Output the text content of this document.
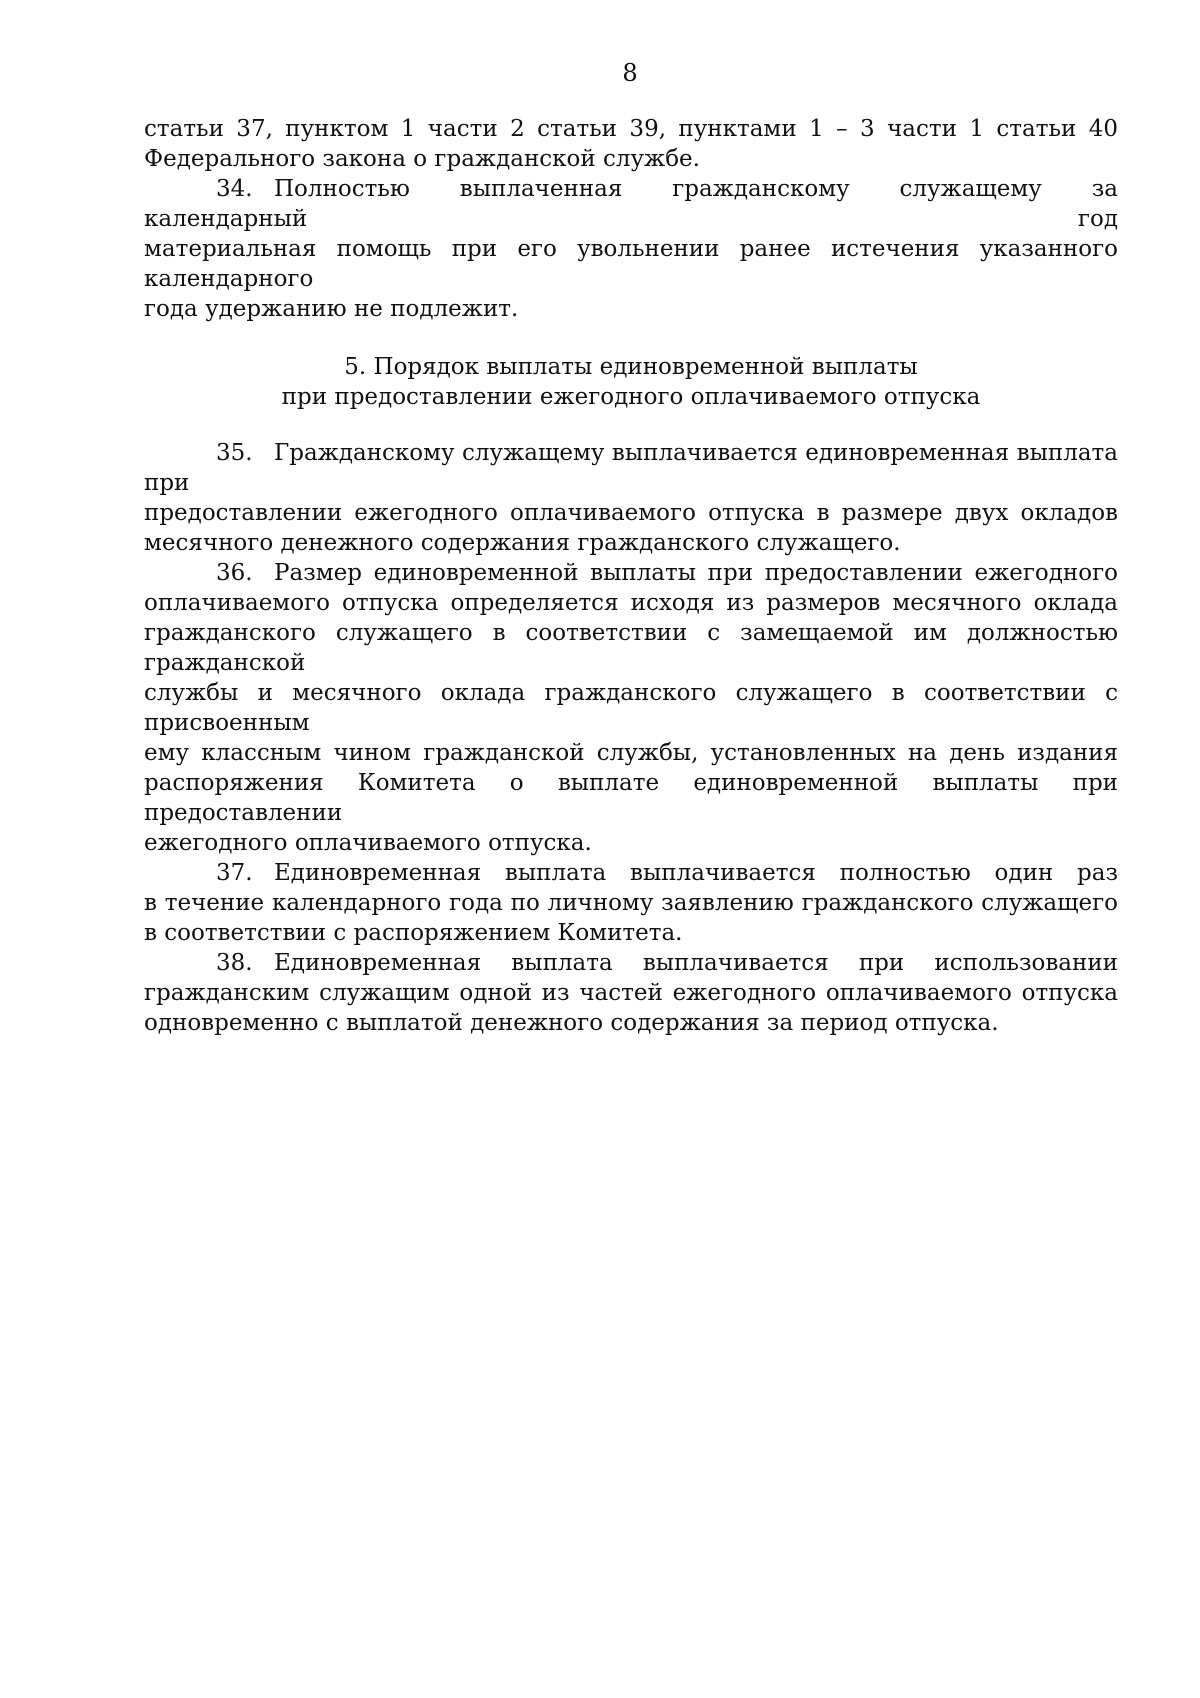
8
статьи 37, пунктом 1 части 2 статьи 39, пунктами 1 – 3 части 1 статьи 40
Федерального закона о гражданской службе.
34. Полностью выплаченная гражданскому служащему за календарный год
материальная помощь при его увольнении ранее истечения указанного календарного
года удержанию не подлежит.
5. Порядок выплаты единовременной выплаты
при предоставлении ежегодного оплачиваемого отпуска
35. Гражданскому служащему выплачивается единовременная выплата при
предоставлении ежегодного оплачиваемого отпуска в размере двух окладов
месячного денежного содержания гражданского служащего.
36. Размер единовременной выплаты при предоставлении ежегодного
оплачиваемого отпуска определяется исходя из размеров месячного оклада
гражданского служащего в соответствии с замещаемой им должностью гражданской
службы и месячного оклада гражданского служащего в соответствии с присвоенным
ему классным чином гражданской службы, установленных на день издания
распоряжения Комитета о выплате единовременной выплаты при предоставлении
ежегодного оплачиваемого отпуска.
37. Единовременная выплата выплачивается полностью один раз
в течение календарного года по личному заявлению гражданского служащего
в соответствии с распоряжением Комитета.
38. Единовременная выплата выплачивается при использовании
гражданским служащим одной из частей ежегодного оплачиваемого отпуска
одновременно с выплатой денежного содержания за период отпуска.
